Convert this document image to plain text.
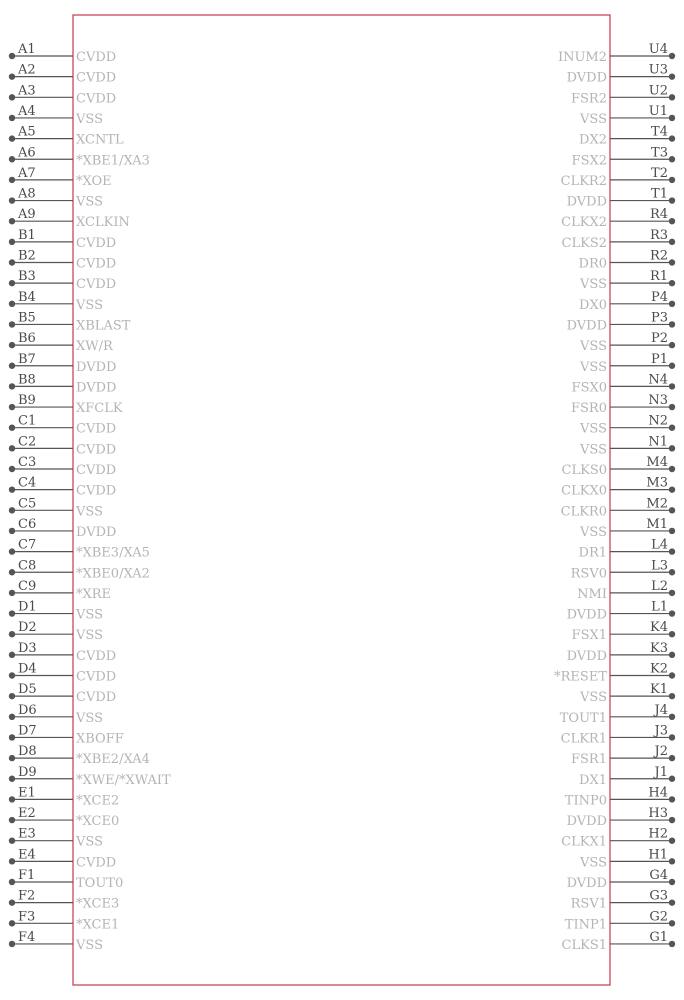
A1
CVDD
A2
CVDD
A3
CVDD
A4
VSS
A5
XCNTL
A6
*XBE1/XA3
A7
*XOE
A8
VSS
A9
XCLKIN
B1
CVDD
B2
CVDD
B3
CVDD
B4
VSS
B5
XBLAST
B6
XW/R
B7
DVDD
B8
DVDD
B9
XFCLK
C1
CVDD
C2
CVDD
C3
CVDD
C4
CVDD
C5
VSS
C6
DVDD
C7
*XBE3/XA5
C8
*XBE0/XA2
C9
*XRE
D1
VSS
D2
VSS
D3
CVDD
D4
CVDD
D5
CVDD
D6
VSS
D7
XBOFF
D8
*XBE2/XA4
D9
*XWE/*XWAIT
E1
*XCE2
E2
*XCE0
E3
VSS
E4
CVDD
F1
TOUT0
F2
*XCE3
F3
*XCE1
F4
VSS
U4
INUM2
U3
DVDD
U2
FSR2
U1
VSS
T4
DX2
T3
FSX2
T2
CLKR2
T1
DVDD
R4
CLKX2
R3
CLKS2
R2
DR0
R1
VSS
P4
DX0
P3
DVDD
P2
VSS
P1
VSS
N4
FSX0
N3
FSR0
N2
VSS
N1
VSS
M4
CLKS0
M3
CLKX0
M2
CLKR0
M1
VSS
L4
DR1
L3
RSV0
L2
NMI
L1
DVDD
K4
FSX1
K3
DVDD
K2
*RESET
K1
VSS
J4
TOUT1
J3
CLKR1
J2
FSR1
J1
DX1
H4
TINP0
H3
DVDD
H2
CLKX1
H1
VSS
G4
DVDD
G3
RSV1
G2
TINP1
G1
CLKS1
